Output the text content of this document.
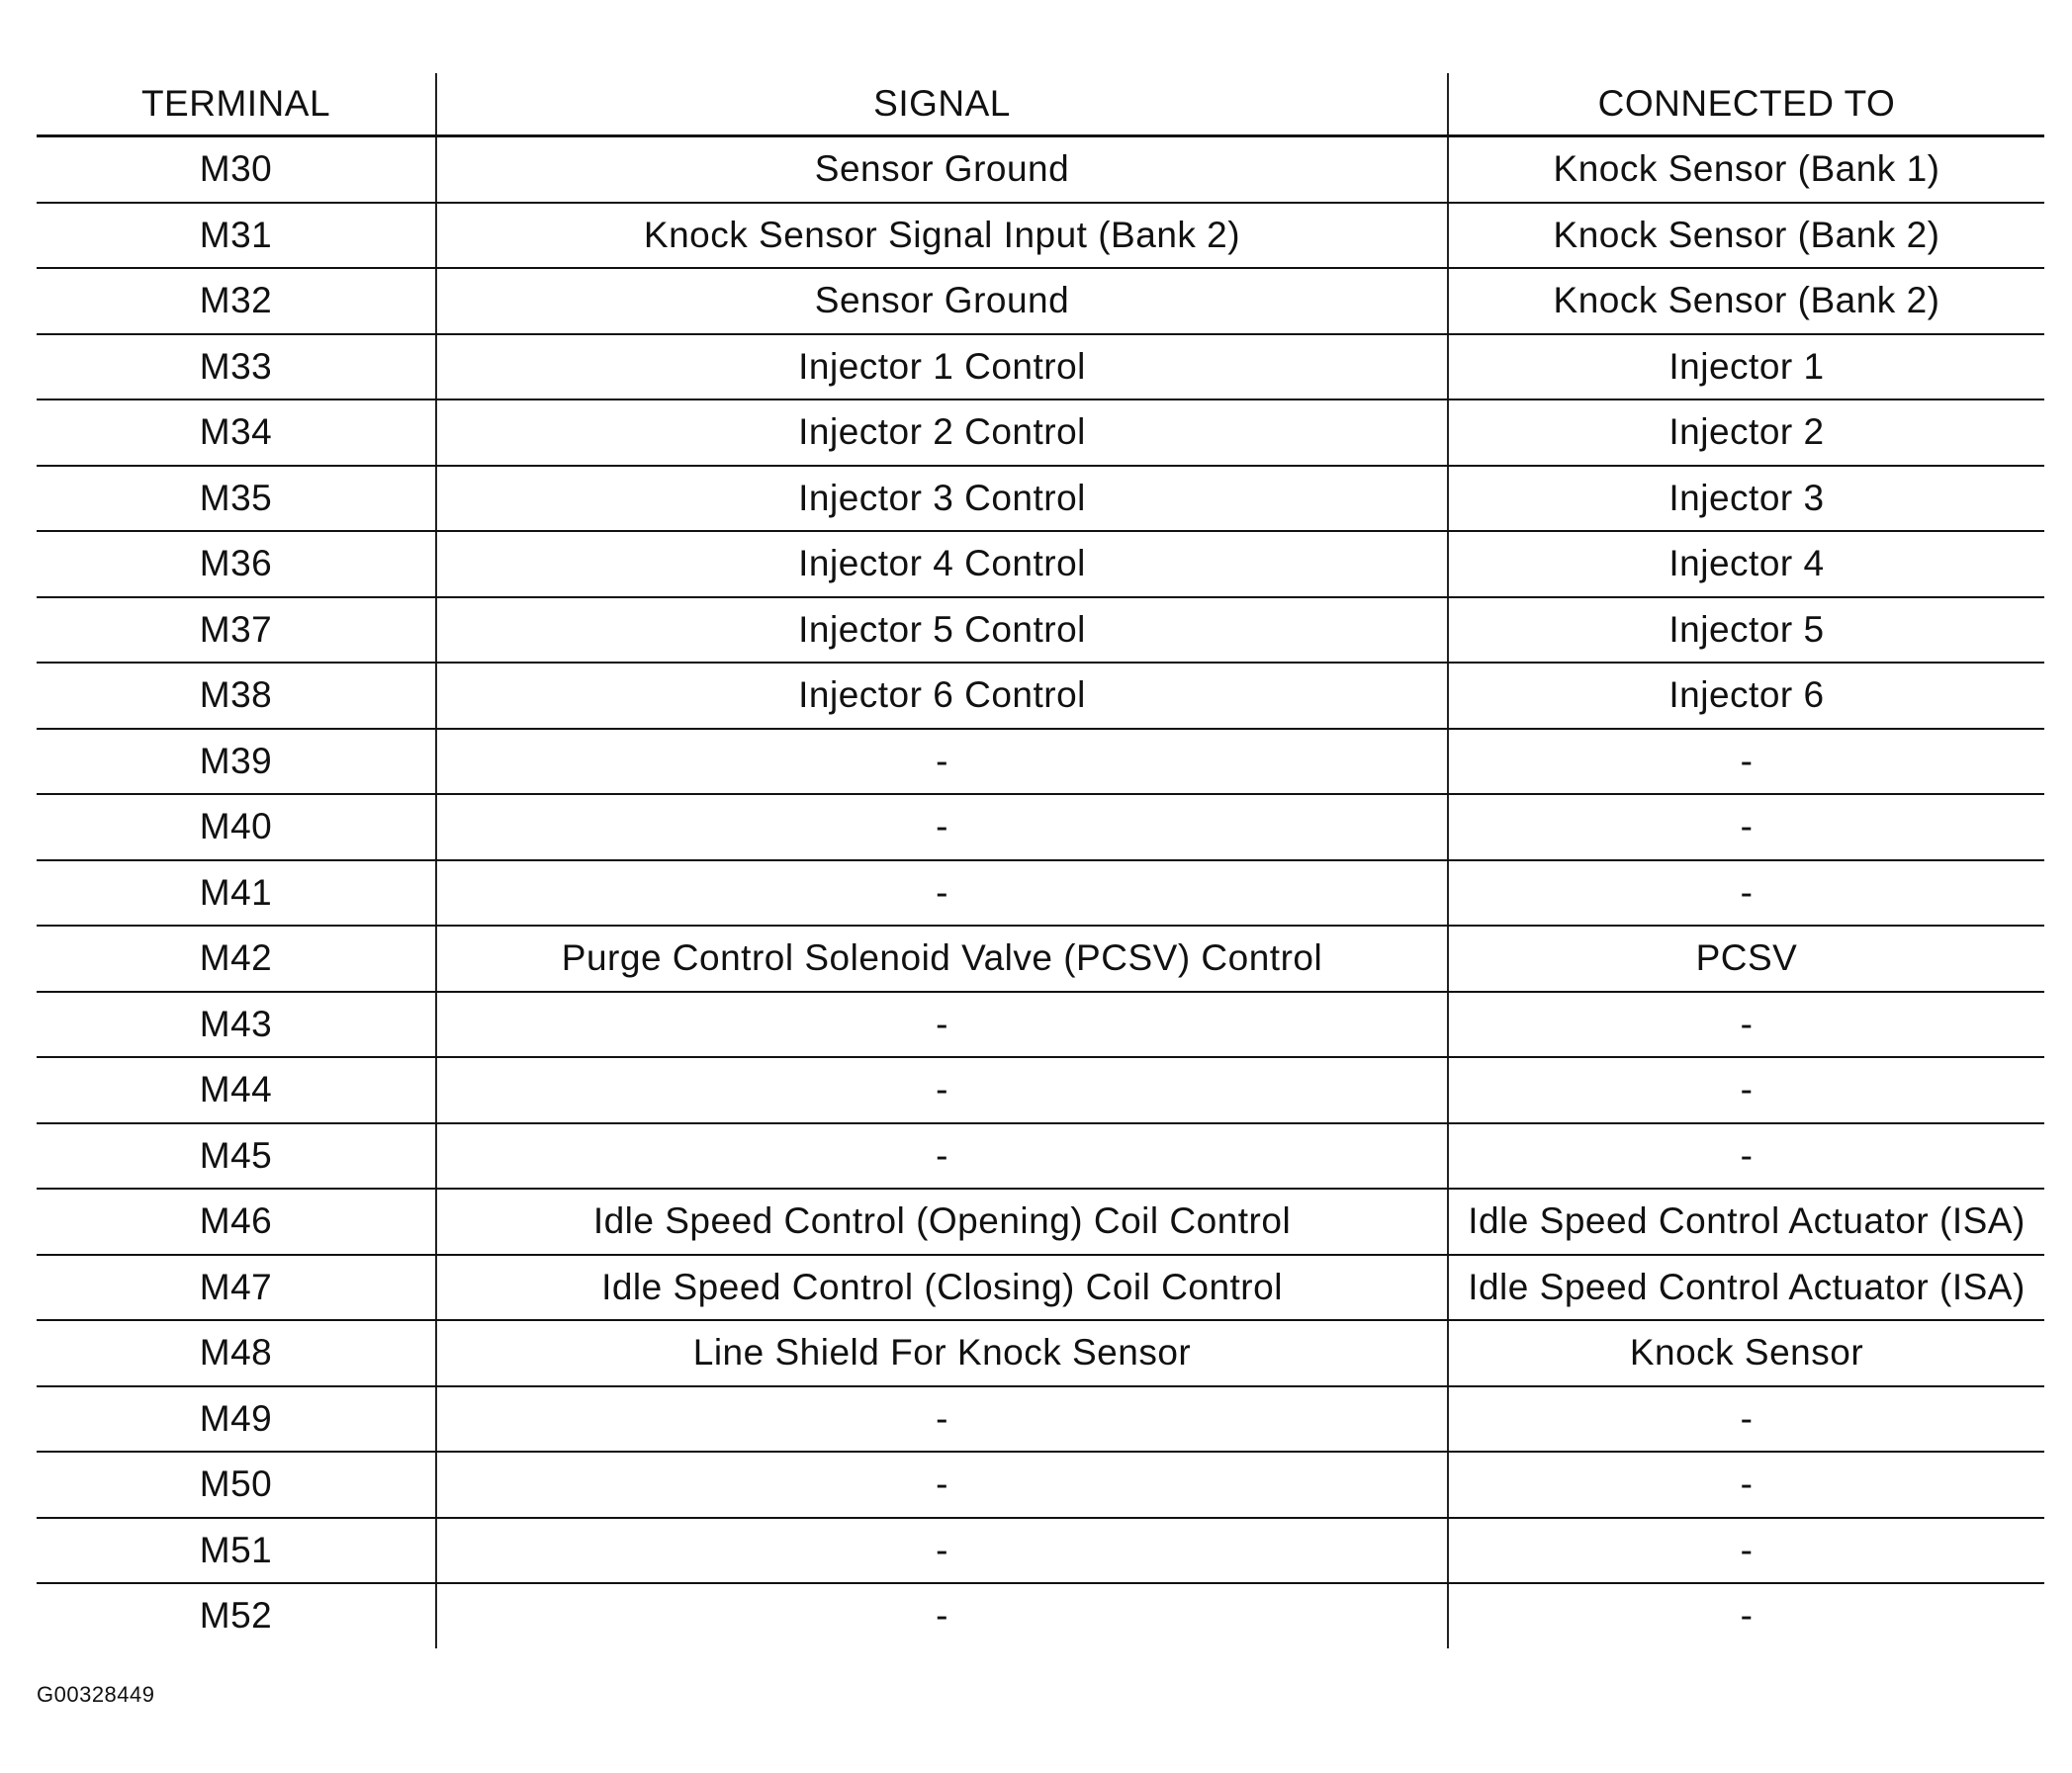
TERMINAL	SIGNAL	CONNECTED TO
M30	Sensor Ground	Knock Sensor (Bank 1)
M31	Knock Sensor Signal Input (Bank 2)	Knock Sensor (Bank 2)
M32	Sensor Ground	Knock Sensor (Bank 2)
M33	Injector 1 Control	Injector 1
M34	Injector 2 Control	Injector 2
M35	Injector 3 Control	Injector 3
M36	Injector 4 Control	Injector 4
M37	Injector 5 Control	Injector 5
M38	Injector 6 Control	Injector 6
M39	-	-
M40	-	-
M41	-	-
M42	Purge Control Solenoid Valve (PCSV) Control	PCSV
M43	-	-
M44	-	-
M45	-	-
M46	Idle Speed Control (Opening) Coil Control	Idle Speed Control Actuator (ISA)
M47	Idle Speed Control (Closing) Coil Control	Idle Speed Control Actuator (ISA)
M48	Line Shield For Knock Sensor	Knock Sensor
M49	-	-
M50	-	-
M51	-	-
M52	-	-
G00328449
